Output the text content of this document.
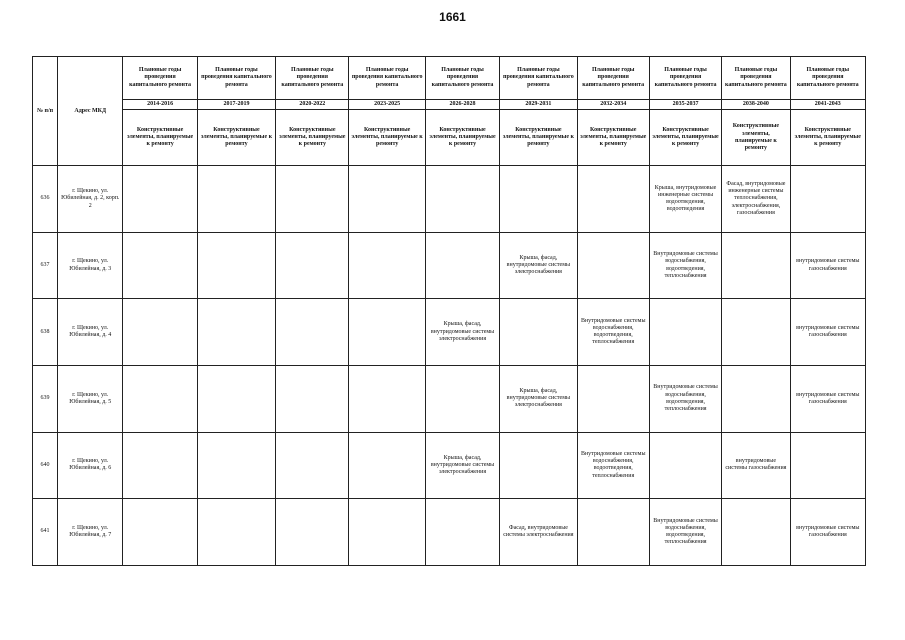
1661
№ п/п	Адрес МКД	Плановые годы проведения капитального ремонта	Плановые годы проведения капитального ремонта	Плановые годы проведения капитального ремонта	Плановые годы проведения капитального ремонта	Плановые годы проведения капитального ремонта	Плановые годы проведения капитального ремонта	Плановые годы проведения капитального ремонта	Плановые годы проведения капитального ремонта	Плановые годы проведения капитального ремонта	Плановые годы проведения капитального ремонта
		2014-2016	2017-2019	2020-2022	2023-2025	2026-2028	2029-2031	2032-2034	2035-2037	2038-2040	2041-2043
		Конструктивные элементы, планируемые к ремонту	Конструктивные элементы, планируемые к ремонту	Конструктивные элементы, планируемые к ремонту	Конструктивные элементы, планируемые к ремонту	Конструктивные элементы, планируемые к ремонту	Конструктивные элементы, планируемые к ремонту	Конструктивные элементы, планируемые к ремонту	Конструктивные элементы, планируемые к ремонту	Конструктивные элементы, планируемые к ремонту	Конструктивные элементы, планируемые к ремонту
636	г. Щекино, ул. Юбилейная, д. 2, корп. 2								Крыша, внутридомовые инженерные системы водоотведения, водоотведения	Фасад, внутридомовые инженерные системы теплоснабжения, электроснабжения, газоснабжения	
637	г. Щекино, ул. Юбилейная, д. 3						Крыша, фасад, внутридомовые системы электроснабжения		Внутридомовые системы водоснабжения, водоотведения, теплоснабжения		внутридомовые системы газоснабжения
638	г. Щекино, ул. Юбилейная, д. 4					Крыша, фасад, внутридомовые системы электроснабжения		Внутридомовые системы водоснабжения, водоотведения, теплоснабжения			внутридомовые системы газоснабжения
639	г. Щекино, ул. Юбилейная, д. 5						Крыша, фасад, внутридомовые системы электроснабжения		Внутридомовые системы водоснабжения, водоотведения, теплоснабжения		внутридомовые системы газоснабжения
640	г. Щекино, ул. Юбилейная, д. 6					Крыша, фасад, внутридомовые системы электроснабжения		Внутридомовые системы водоснабжения, водоотведения, теплоснабжения		внутридомовые системы газоснабжения	
641	г. Щекино, ул. Юбилейная, д. 7						Фасад, внутридомовые системы электроснабжения		Внутридомовые системы водоснабжения, водоотведения, теплоснабжения		внутридомовые системы газоснабжения
